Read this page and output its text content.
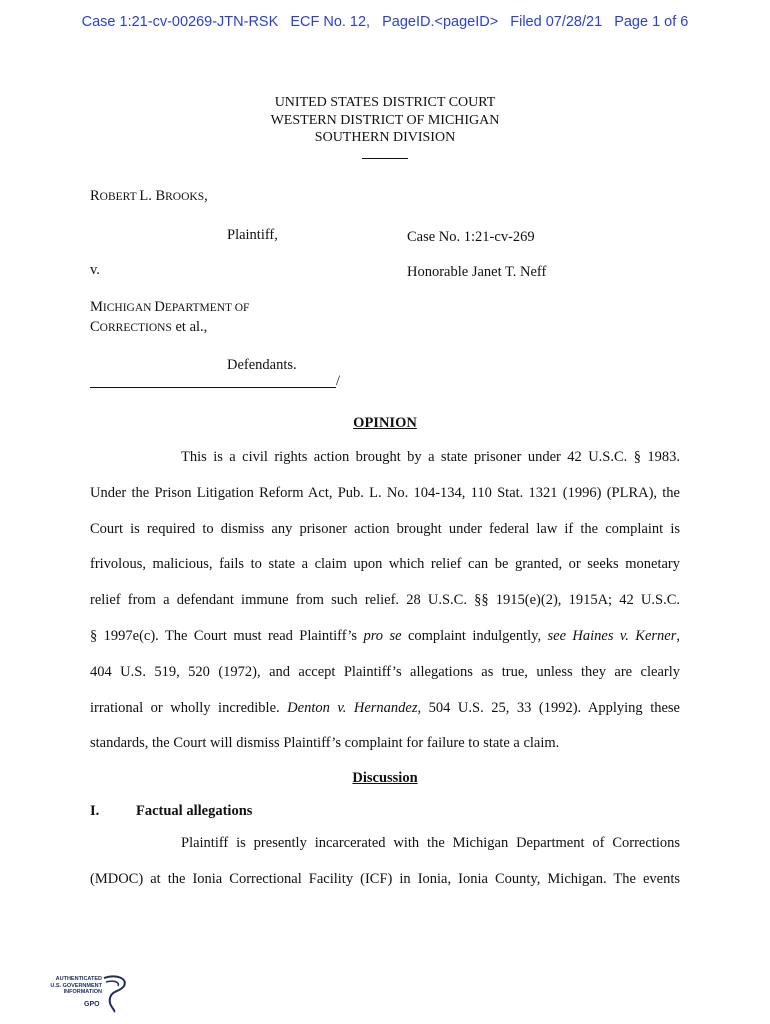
Case 1:21-cv-00269-JTN-RSK ECF No. 12, PageID.<pageID> Filed 07/28/21 Page 1 of 6
UNITED STATES DISTRICT COURT
WESTERN DISTRICT OF MICHIGAN
SOUTHERN DIVISION
ROBERT L. BROOKS,
Plaintiff,	Case No. 1:21-cv-269
v.	Honorable Janet T. Neff
MICHIGAN DEPARTMENT OF
CORRECTIONS et al.,
Defendants.
/
OPINION
This is a civil rights action brought by a state prisoner under 42 U.S.C. § 1983.
Under the Prison Litigation Reform Act, Pub. L. No. 104-134, 110 Stat. 1321 (1996) (PLRA), the
Court is required to dismiss any prisoner action brought under federal law if the complaint is
frivolous, malicious, fails to state a claim upon which relief can be granted, or seeks monetary
relief from a defendant immune from such relief. 28 U.S.C. §§ 1915(e)(2), 1915A; 42 U.S.C.
§ 1997e(c). The Court must read Plaintiff’s pro se complaint indulgently, see Haines v. Kerner,
404 U.S. 519, 520 (1972), and accept Plaintiff’s allegations as true, unless they are clearly
irrational or wholly incredible. Denton v. Hernandez, 504 U.S. 25, 33 (1992). Applying these
standards, the Court will dismiss Plaintiff’s complaint for failure to state a claim.
Discussion
I.	Factual allegations
Plaintiff is presently incarcerated with the Michigan Department of Corrections
(MDOC) at the Ionia Correctional Facility (ICF) in Ionia, Ionia County, Michigan. The events
AUTHENTICATED
U.S. GOVERNMENT
INFORMATION
GPO
